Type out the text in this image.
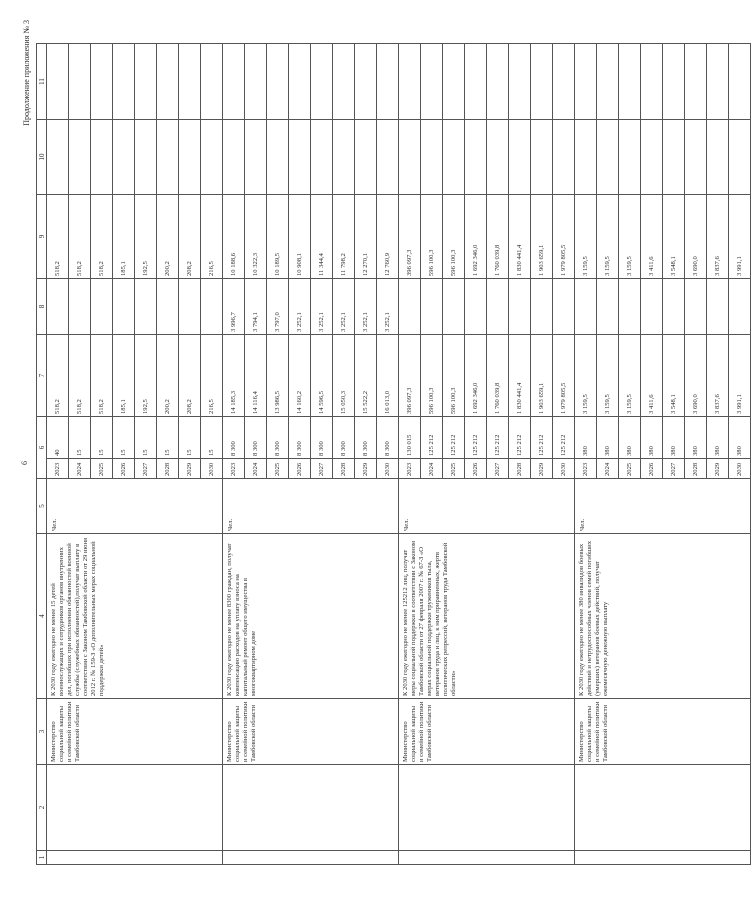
6
Продолжение приложения № 3
1	2	3	4	5	6		7	8	9	10	11
		Министерство социальной защиты и семейной политики Тамбовской области	К 2030 году ежегодно не менее 15 детей военнослужащих и сотрудников органов внутренних дел, погибших при исполнении обязанностей военной службы (служебных обязанностей),получат выплату в соответствии с Законом Тамбовской области от 29 июня 2012 г. № 159-З «О дополнительных мерах социальной поддержки детей»	Чел.	2023	40	518,2		518,2		
					2024	15	518,2		518,2		
					2025	15	518,2		518,2		
					2026	15	185,1		185,1		
					2027	15	192,5		192,5		
					2028	15	200,2		200,2		
					2029	15	208,2		208,2		
					2030	15	216,5		216,5		
		Министерство социальной защиты и семейной политики Тамбовской области	К 2030 году ежегодно не менее 8300 граждан, получат компенсацию расходов на уплату взноса на капитальный ремонт общего имущества в многоквартирном доме	Чел.	2023	8 300	14 185,3	3 996,7	10 188,6		
					2024	8 300	14 116,4	3 794,1	10 322,3		
					2025	8 300	13 986,5	3 797,0	10 189,5		
					2026	8 300	14 160,2	3 252,1	10 908,1		
					2027	8 300	14 596,5	3 252,1	11 344,4		
					2028	8 300	15 050,3	3 252,1	11 798,2		
					2029	8 300	15 522,2	3 252,1	12 270,1		
					2030	8 300	16 013,0	3 252,1	12 760,9		
		Министерство социальной защиты и семейной политики Тамбовской области	К 2030 году ежегодно не менее 125212 лиц, получат меры социальной поддержки в соответствии с Законом Тамбовской области от 27 февраля 2007 г. № 67-З «О мерах социальной поддержки тружеников тыла, ветеранов труда и лиц, к ним приравненных, жертв политических репрессий, ветеранов труда Тамбовской области»	Чел.	2023	130 015	396 097,3		396 097,3		
					2024	125 212	596 100,3		596 100,3		
					2025	125 212	596 100,3		596 100,3		
					2026	125 212	1 692 346,0		1 692 346,0		
					2027	125 212	1 760 039,8		1 760 039,8		
					2028	125 212	1 830 441,4		1 830 441,4		
					2029	125 212	1 903 659,1		1 903 659,1		
					2030	125 212	1 979 805,5		1 979 805,5		
		Министерство социальной защиты и семейной политики Тамбовской области	К 2030 году ежегодно не менее 380 инвалидов боевых действий и нетрудоспособных членов семей погибших (умерших) ветеранов боевых действий, получат ежемесячную денежную выплату	Чел.	2023	380	3 159,5		3 159,5		
					2024	380	3 159,5		3 159,5		
					2025	380	3 159,5		3 159,5		
					2026	380	3 411,6		3 411,6		
					2027	380	3 548,1		3 548,1		
					2028	380	3 690,0		3 690,0		
					2029	380	3 837,6		3 837,6		
					2030	380	3 991,1		3 991,1		
